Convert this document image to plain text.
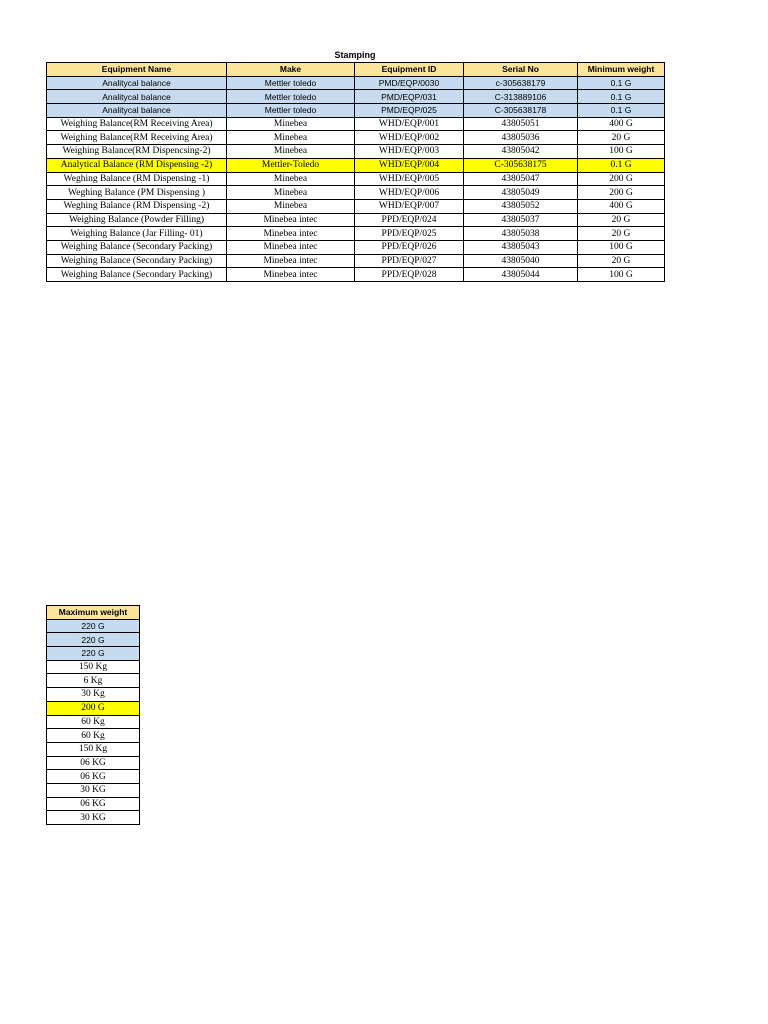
Stamping
Equipment Name	Make	Equipment ID	Serial No	Minimum weight
Analitycal balance	Mettler toledo	PMD/EQP/0030	c-305638179	0.1 G
Analitycal balance	Mettler toledo	PMD/EQP/031	C-313889106	0.1 G
Analitycal balance	Mettler toledo	PMD/EQP/025	C-305638178	0.1 G
Weighing Balance(RM Receiving Area)	Minebea	WHD/EQP/001	43805051	400 G
Weighing Balance(RM Receiving Area)	Minebea	WHD/EQP/002	43805036	20 G
Weighing Balance(RM Dispencsing-2)	Minebea	WHD/EQP/003	43805042	100 G
Analytical Balance (RM Dispensing -2)	Mettler-Toledo	WHD/EQP/004	C-305638175	0.1 G
Weghing Balance (RM Dispensing -1)	Minebea	WHD/EQP/005	43805047	200 G
Weghing Balance (PM Dispensing )	Minebea	WHD/EQP/006	43805049	200 G
Weghing Balance (RM Dispensing -2)	Minebea	WHD/EQP/007	43805052	400 G
Weighing Balance (Powder Filling)	Minebea intec	PPD/EQP/024	43805037	20 G
Weighing Balance (Jar Filling- 01)	Minebea intec	PPD/EQP/025	43805038	20 G
Weighing Balance (Secondary Packing)	Minebea intec	PPD/EQP/026	43805043	100 G
Weighing Balance (Secondary Packing)	Minebea intec	PPD/EQP/027	43805040	20 G
Weighing Balance (Secondary Packing)	Minebea intec	PPD/EQP/028	43805044	100 G
Maximum weight
220 G
220 G
220 G
150 Kg
6 Kg
30 Kg
200 G
60 Kg
60 Kg
150 Kg
06 KG
06 KG
30 KG
06 KG
30 KG
